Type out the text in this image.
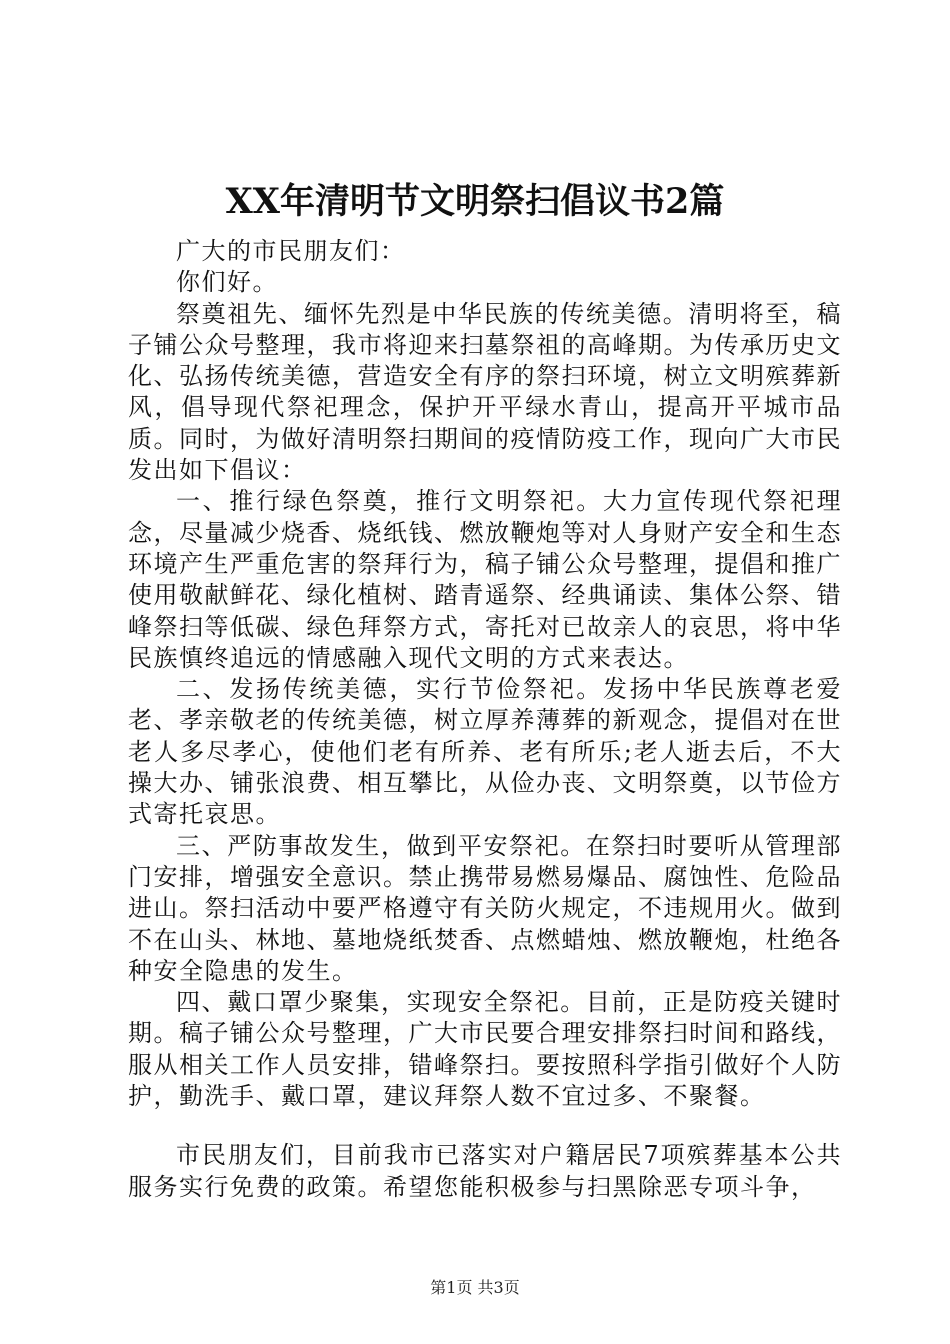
XX年清明节文明祭扫倡议书2篇

广大的市民朋友们：

你们好。

祭奠祖先、缅怀先烈是中华民族的传统美德。清明将至，稿子铺公众号整理，我市将迎来扫墓祭祖的高峰期。为传承历史文化、弘扬传统美德，营造安全有序的祭扫环境，树立文明殡葬新风，倡导现代祭祀理念，保护开平绿水青山，提高开平城市品质。同时，为做好清明祭扫期间的疫情防疫工作，现向广大市民发出如下倡议：

一、推行绿色祭奠，推行文明祭祀。大力宣传现代祭祀理念，尽量减少烧香、烧纸钱、燃放鞭炮等对人身财产安全和生态环境产生严重危害的祭拜行为，稿子铺公众号整理，提倡和推广使用敬献鲜花、绿化植树、踏青遥祭、经典诵读、集体公祭、错峰祭扫等低碳、绿色拜祭方式，寄托对已故亲人的哀思，将中华民族慎终追远的情感融入现代文明的方式来表达。

二、发扬传统美德，实行节俭祭祀。发扬中华民族尊老爱老、孝亲敬老的传统美德，树立厚养薄葬的新观念，提倡对在世老人多尽孝心，使他们老有所养、老有所乐;老人逝去后，不大操大办、铺张浪费、相互攀比，从俭办丧、文明祭奠，以节俭方式寄托哀思。

三、严防事故发生，做到平安祭祀。在祭扫时要听从管理部门安排，增强安全意识。禁止携带易燃易爆品、腐蚀性、危险品进山。祭扫活动中要严格遵守有关防火规定，不违规用火。做到不在山头、林地、墓地烧纸焚香、点燃蜡烛、燃放鞭炮，杜绝各种安全隐患的发生。

四、戴口罩少聚集，实现安全祭祀。目前，正是防疫关键时期。稿子铺公众号整理，广大市民要合理安排祭扫时间和路线，服从相关工作人员安排，错峰祭扫。要按照科学指引做好个人防护，勤洗手、戴口罩，建议拜祭人数不宜过多、不聚餐。

市民朋友们，目前我市已落实对户籍居民7项殡葬基本公共服务实行免费的政策。希望您能积极参与扫黑除恶专项斗争，

第1页 共3页
